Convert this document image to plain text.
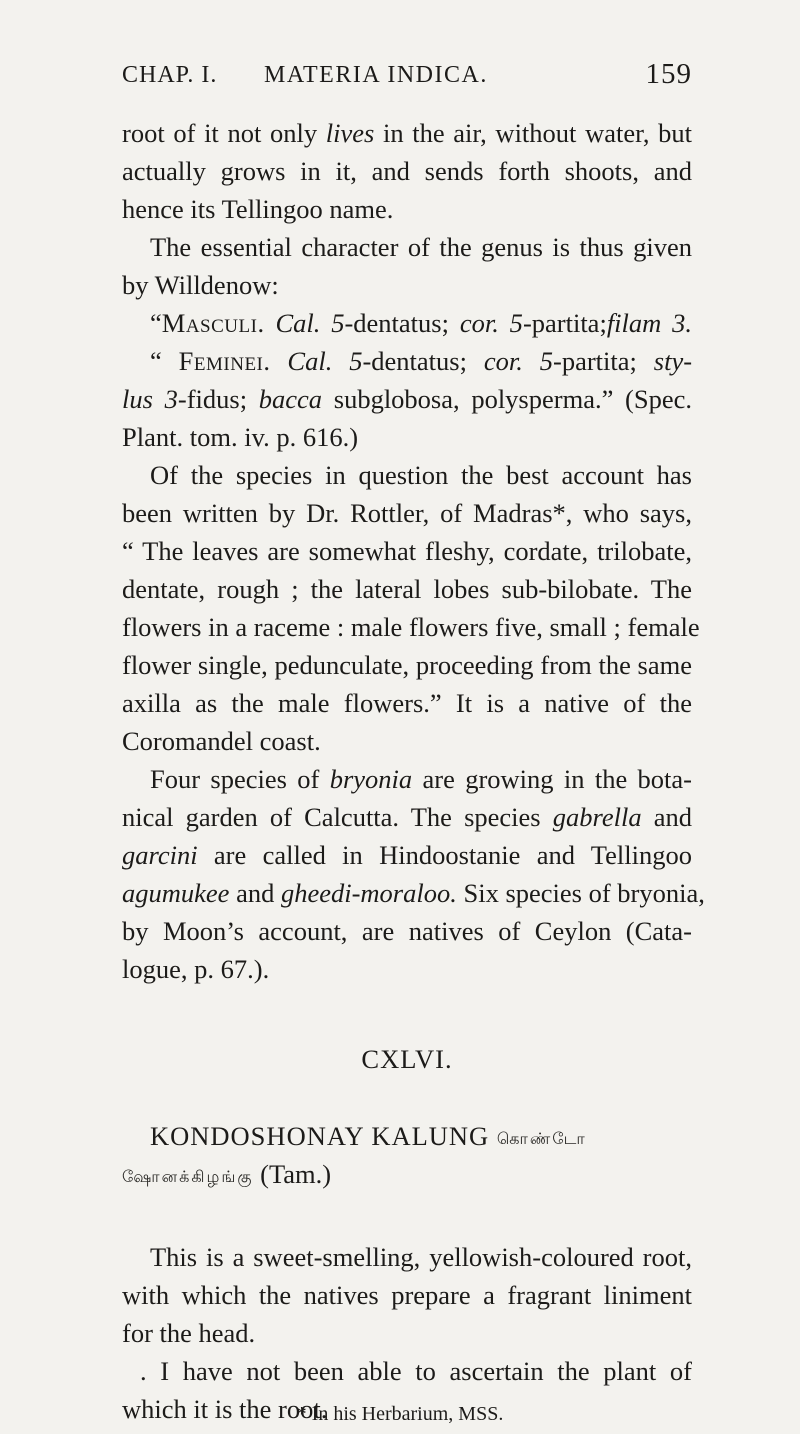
CHAP. I. MATERIA INDICA.	159
root of it not only lives in the air, without water, but
actually grows in it, and sends forth shoots, and
hence its Tellingoo name.
The essential character of the genus is thus given
by Willdenow:
“Masculi. Cal. 5-dentatus; cor. 5-partita;filam 3.
“ Feminei. Cal. 5-dentatus; cor. 5-partita; sty-
lus 3-fidus; bacca subglobosa, polysperma.” (Spec.
Plant. tom. iv. p. 616.)
Of the species in question the best account has
been written by Dr. Rottler, of Madras*, who says,
“ The leaves are somewhat fleshy, cordate, trilobate,
dentate, rough ; the lateral lobes sub-bilobate. The
flowers in a raceme : male flowers five, small ; female
flower single, pedunculate, proceeding from the same
axilla as the male flowers.” It is a native of the
Coromandel coast.
Four species of bryonia are growing in the bota-
nical garden of Calcutta. The species gabrella and
garcini are called in Hindoostanie and Tellingoo
agumukee and gheedi-moraloo. Six species of bryonia,
by Moon’s account, are natives of Ceylon (Cata-
logue, p. 67.).
CXLVI.
KONDOSHONAY KALUNG கொண்டோ
ஷோனக்கிழங்கு (Tam.)
This is a sweet-smelling, yellowish-coloured root,
with which the natives prepare a fragrant liniment
for the head.
. I have not been able to ascertain the plant of
which it is the root.
* In his Herbarium, MSS.
